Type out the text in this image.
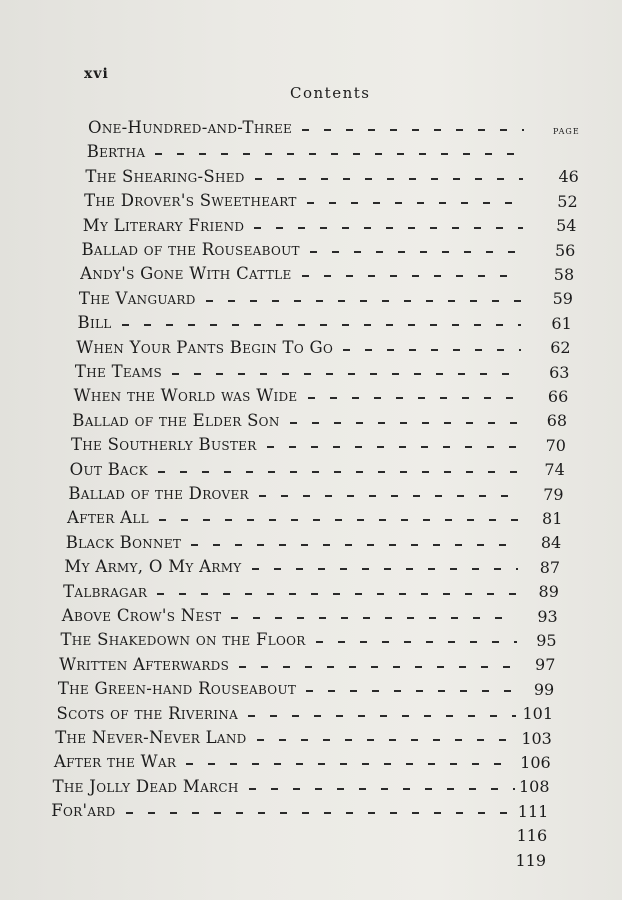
xvi
Contents
PAGE
One-Hundred-and-Three
Bertha
46
The Shearing-Shed
52
The Drover's Sweetheart
54
My Literary Friend
56
Ballad of the Rouseabout
58
Andy's Gone With Cattle
59
The Vanguard
61
Bill
62
When Your Pants Begin To Go
63
The Teams
66
When the World was Wide
68
Ballad of the Elder Son
70
The Southerly Buster
74
Out Back
79
Ballad of the Drover
81
After All
84
Black Bonnet
87
My Army, O My Army
89
Talbragar
93
Above Crow's Nest
95
The Shakedown on the Floor
97
Written Afterwards
99
The Green-hand Rouseabout
101
Scots of the Riverina
103
The Never-Never Land
106
After the War
108
The Jolly Dead March
111
For'ard
116
119
